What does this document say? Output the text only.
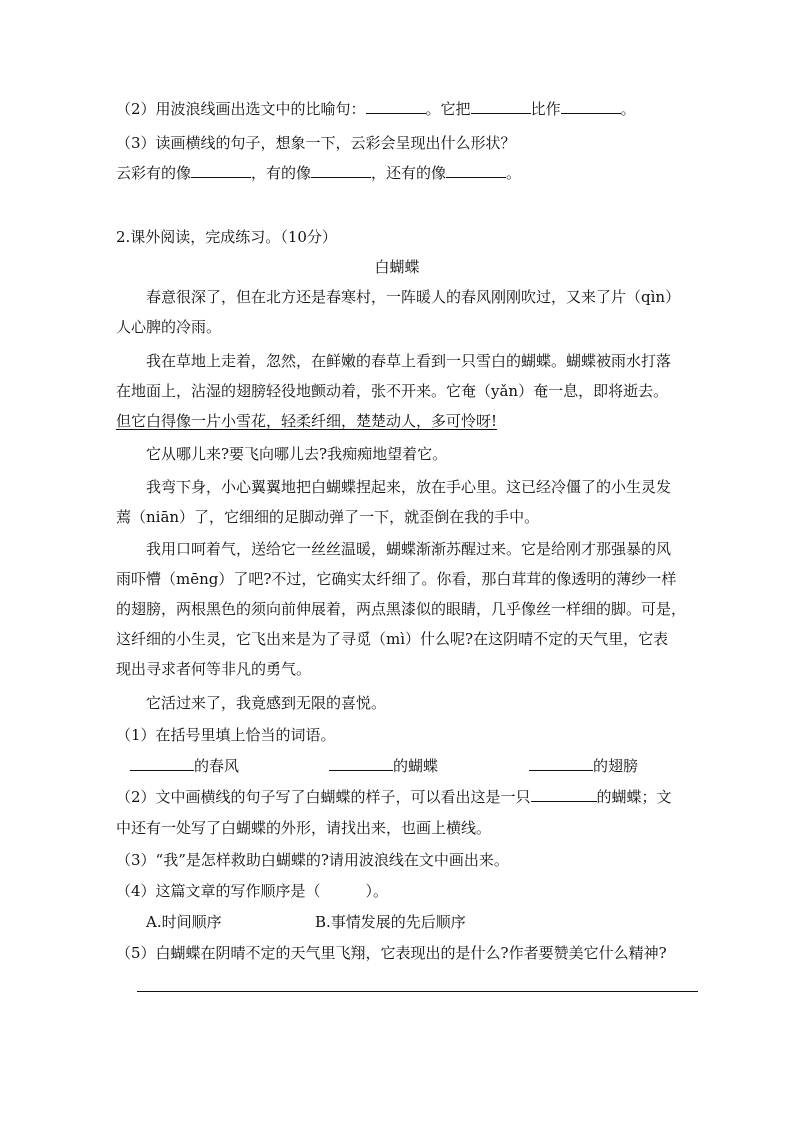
（2）用波浪线画出选文中的比喻句：	。它把	比作	。
（3）读画横线的句子，想象一下，云彩会呈现出什么形状？
云彩有的像	，有的像	，还有的像	。
2.课外阅读，完成练习。（10分）
白蝴蝶
春意很深了，但在北方还是春寒村，一阵暖人的春风刚刚吹过，又来了片（qìn）
人心脾的冷雨。
我在草地上走着，忽然，在鲜嫩的春草上看到一只雪白的蝴蝶。蝴蝶被雨水打落
在地面上，沾湿的翅膀轻役地颤动着，张不开来。它奄（yǎn）奄一息，即将逝去。
但它白得像一片小雪花，轻柔纤细，楚楚动人，多可怜呀!
它从哪儿来?要飞向哪儿去?我痴痴地望着它。
我弯下身，小心翼翼地把白蝴蝶捏起来，放在手心里。这已经冷僵了的小生灵发
蔫（niān）了，它细细的足脚动弹了一下，就歪倒在我的手中。
我用口呵着气，送给它一丝丝温暖，蝴蝶渐渐苏醒过来。它是给刚才那强暴的风
雨吓懵（mēng）了吧?不过，它确实太纤细了。你看，那白茸茸的像透明的薄纱一样
的翅膀，两根黑色的须向前伸展着，两点黑漆似的眼睛，几乎像丝一样细的脚。可是，
这纤细的小生灵，它飞出来是为了寻觅（mì）什么呢?在这阴晴不定的天气里，它表
现出寻求者何等非凡的勇气。
它活过来了，我竟感到无限的喜悦。
（1）在括号里填上恰当的词语。
的春风	的蝴蝶	的翅膀
（2）文中画横线的句子写了白蝴蝶的样子，可以看出这是一只	的蝴蝶；文
中还有一处写了白蝴蝶的外形，请找出来，也画上横线。
（3）“我”是怎样救助白蝴蝶的?请用波浪线在文中画出来。
（4）这篇文章的写作顺序是（　　　）。
A.时间顺序	B.事情发展的先后顺序
（5）白蝴蝶在阴晴不定的天气里飞翔，它表现出的是什么?作者要赞美它什么精神?
